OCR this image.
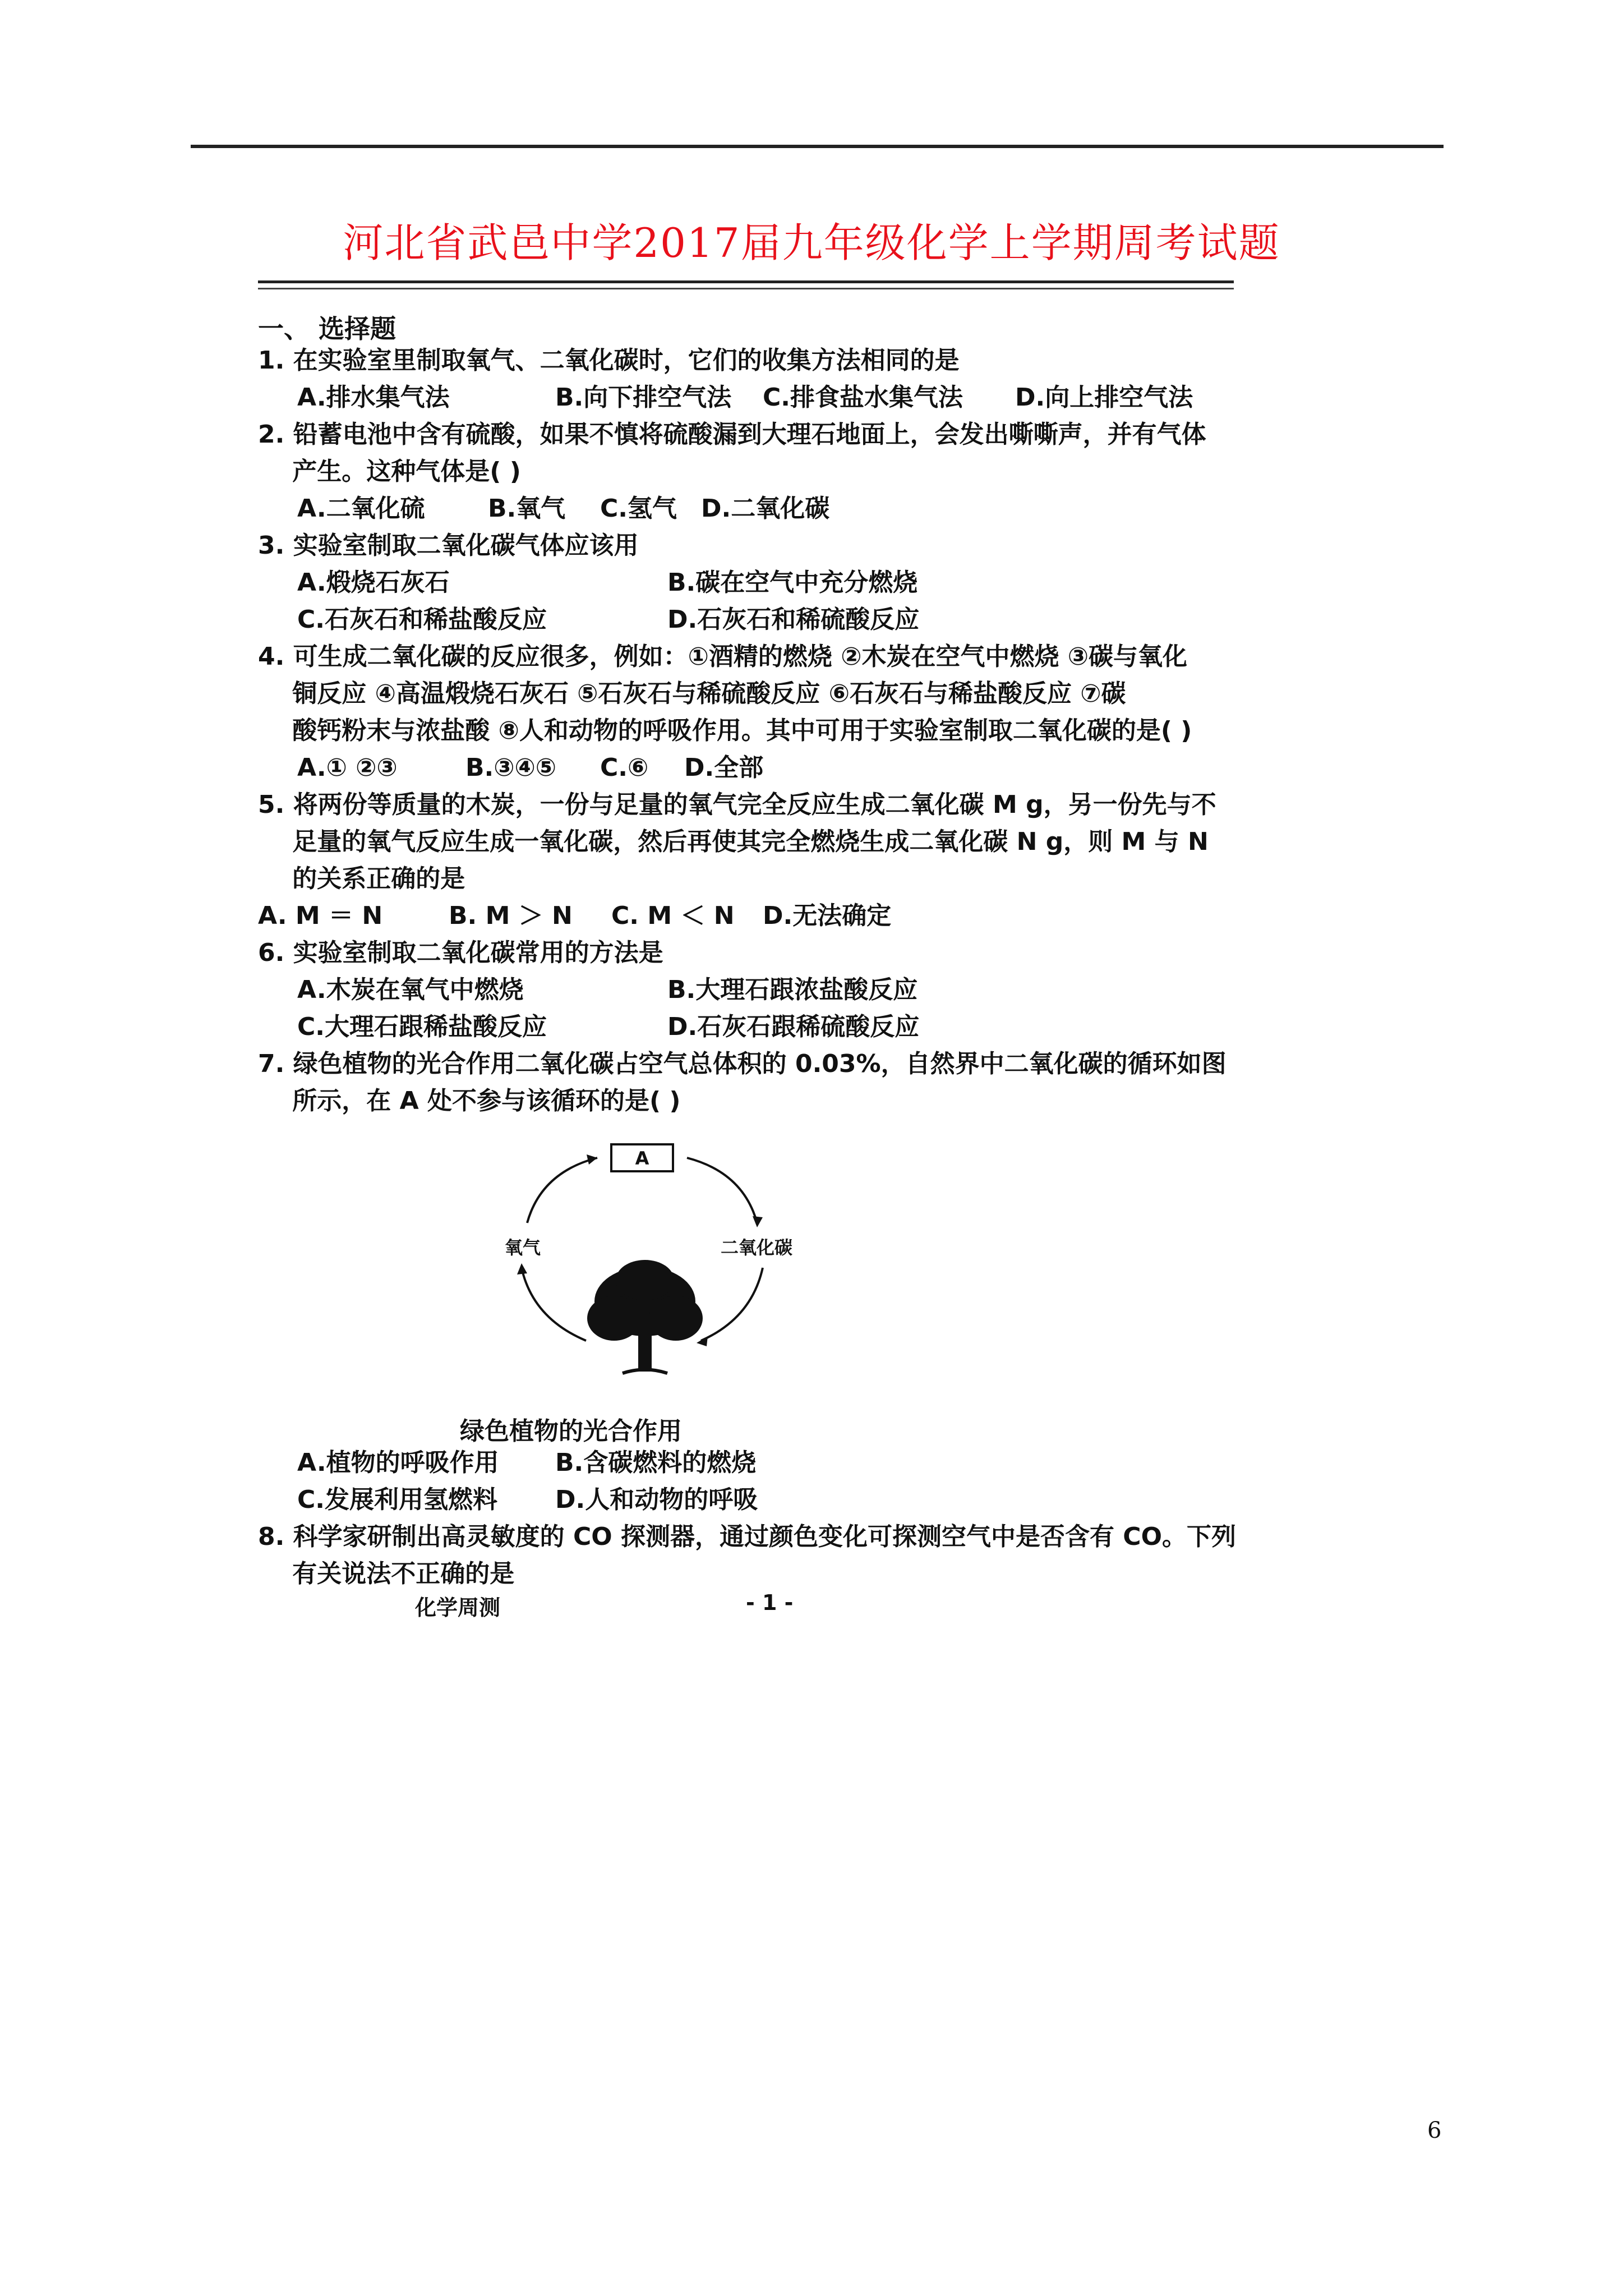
河北省武邑中学2017届九年级化学上学期周考试题
一、 选择题
1. 在实验室里制取氧气、二氧化碳时，它们的收集方法相同的是
A.排水集气法	B.向下排空气法 C.排食盐水集气法 D.向上排空气法
2. 铅蓄电池中含有硫酸，如果不慎将硫酸漏到大理石地面上，会发出嘶嘶声，并有气体
产生。这种气体是( )
A.二氧化硫	B.氧气 C.氢气 D.二氧化碳
3. 实验室制取二氧化碳气体应该用
A.煅烧石灰石	B.碳在空气中充分燃烧
C.石灰石和稀盐酸反应	D.石灰石和稀硫酸反应
4. 可生成二氧化碳的反应很多，例如：①酒精的燃烧 ②木炭在空气中燃烧 ③碳与氧化
铜反应 ④高温煅烧石灰石 ⑤石灰石与稀硫酸反应 ⑥石灰石与稀盐酸反应 ⑦碳
酸钙粉末与浓盐酸 ⑧人和动物的呼吸作用。其中可用于实验室制取二氧化碳的是( )
A.① ②③	B.③④⑤ C.⑥ D.全部
5. 将两份等质量的木炭，一份与足量的氧气完全反应生成二氧化碳 M g，另一份先与不
足量的氧气反应生成一氧化碳，然后再使其完全燃烧生成二氧化碳 N g，则 M 与 N
的关系正确的是
A. M ＝ N	B. M ＞ N C. M ＜ N D.无法确定
6. 实验室制取二氧化碳常用的方法是
A.木炭在氧气中燃烧	B.大理石跟浓盐酸反应
C.大理石跟稀盐酸反应	D.石灰石跟稀硫酸反应
7. 绿色植物的光合作用二氧化碳占空气总体积的 0.03%，自然界中二氧化碳的循环如图
所示，在 A 处不参与该循环的是( )
A
氧气	二氧化碳
绿色植物的光合作用
A.植物的呼吸作用 B.含碳燃料的燃烧
C.发展利用氢燃料 D.人和动物的呼吸
8. 科学家研制出高灵敏度的 CO 探测器，通过颜色变化可探测空气中是否含有 CO。下列
有关说法不正确的是
化学周测	- 1 -
6
